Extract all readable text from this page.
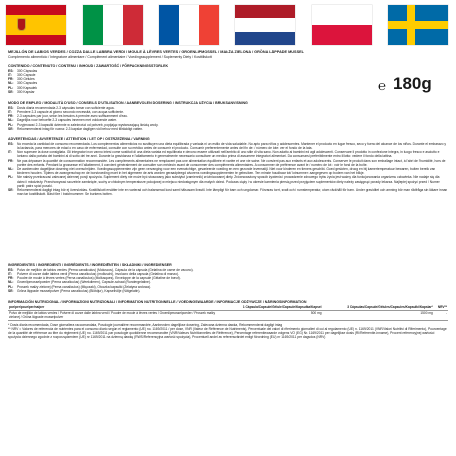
MEJILLÓN DE LABIOS VERDES / COZZA DALLE LABBRA VERDI / MOULE À LÈVRES VERTES / GROENLIPMOSSEL / MAŁŻA ZIELONA / GRÖNA LÄPPADE MUSSEL
Complemento alimenticio / Integratore alimentare / Complément alimentaire / Voedingssupplement / Suplementy Diety / Kosttillskott
℮ 180g
CONTENIDO / CONTENUTO / CONTENU / INHOUD / ZAWARTOŚĆ / FÖRPACKNINGSSTORLEK
ES:	300 Cápsulas
IT:	300 Capsule
FR:	300 Gélules
NL:	300 Capsules
PL:	300 Kapsułek
SE:	300 Kapslar
MODO DE EMPLEO / MODALITÀ D'USO / CONSEILS D'UTILISATION / AANBEVOLEN DOSERING / INSTRUKCJA UŻYCIA / BRUKSANVISNING
ES:	Dosis diaria recomendada 2-3 cápsulas tomar con suficiente agua.
IT:	Prendere 2-3 capsule al giorno secondo necessità, con acqua sufficiente.
FR:	2-3 capsules par jour, selon les besoins à prendre avec suffisamment d'eau.
NL:	Dagelijks voor behoefte 2-3 capsules innemen met voldoende water.
PL:	Przyjmować 2-3 kapsułki dziennie w zależności od potrzeb, popijając wystarczającą ilością wody.
SE:	Rekommenderat intag för vuxna: 2-3 kapslar dagligen vid behov med tillräckligt vatten.
ADVERTENCIAS / AVVERTENZE / ATTENTION / LET OP / OSTRZEŻENIA / VARNING
ES:	No exceda la cantidad de consumo recomendada. Los complementos alimenticios no sustituyen una dieta equilibrada y variada ni un estilo de vida saludable. No apto para niños y adolescentes. Mantener el producto en lugar fresco, seco y fuera del alcance de los niños. Durante el embarazo y la lactancia, para menores de edad o en caso de enfermedad, consulte con su médico antes de consumir el producto. Consumir preferentemente antes del fin de: / número de lote: ver el fondo de la lata.
IT:	Non superare la dose consigliata. Gli integratori non vanno intesi come sostituti di una dieta variata ed equilibrata e devono essere utilizzati nell'ambito di uno stile di vita sano. Non adatto ai bambini ed agli adolescenti. Conservare il prodotto in confezione integra, in luogo fresco e asciutto e lontano dalla portata dei bambini al di sotto dei tre anni. Durante la gravidanza e l'allattamento è generalmente necessario consultare un medico prima di assumere integratori alimentari. Da consumarsi preferibilmente entro il/lotto: vedere il fondo della lattina.
FR:	Ne pas dépasser la quantité de consommation recommandée. Les compléments alimentaires ne remplacent pas une alimentation équilibrée et variée et une vie saine. Ne convient pas aux enfants et aux adolescents. Conserver le produit dans son emballage intact, à l'abri de l'humidité, hors de portée des enfants. Pendant la grossesse et l'allaitement, il convient généralement de consulter son médecin avant de consommer des compléments alimentaires. A consommer de préférence avant le / numéro de lot : voir le fond de la boîte.
NL:	De aanbevolen dagelijkse dosering niet overschrijden. Voedingssupplementen zijn geen vervanging voor een evenwichtige, gevarieerde voeding en een gezonde levensstijl. Niet voor kinderen en tieners geschikt. Goed gesloten, droog en bij kamertemperatuur bewaren, buiten bereik van kinderen houden. Tijdens de zwangerschap en de borstvoeding moet in het algemeen de arts worden geraadpleegd alvorens voedingssupplementen te gebruiken. Ten minste houdbaar tot/ lotnummer: aangegeven op bodem van het blikje.
PL:	Nie należy przekraczać zalecanej dziennej porcji spożycia. Suplement diety nie może być stosowany jako substytut (zamiennik) zróżnicowanej diety. Zrównoważony sposób żywienia i prowadzenie zdrowego trybu życia jest ważny dla funkcjonowania organizmu człowieka. Nie nadaje się dla dzieci i młodzieży. Przechowywać szczelnie zamknięte, suchy w chłodnym temperaturze pokojowej w miejscu niedostępnym dla małych dzieci. Podczas ciąży i w okresie karmienia piersią przed przyjęciem suplementów diety należy zasięgnąć porady lekarza. Najlepiej spożyć przed / Numer partii: patrz spód puszki.
SE:	Rekommenderat dagligt intag bör ej överskridas. Kosttillskott ersätter inte en varierad och balanserad kost samt hälsosam livsstil. Inte lämpligt för barn och ungdomar. Förvaras torrt, svalt och i rumstemperatur, utom räckhåll för barn. Under graviditet och amning bör man rådfråga sin läkare innan man tar kosttillskott. Bäst före / batchnummer: Se burkens botten.
INGREDIENTES / INGREDIENTI / INGRÉDIENTS / INGREDIËNTEN / SKŁADNIKI / INGREDIENSER
ES:	Polvo de mejillón de labios verdes (Perna canaliculus) (Moluscos), Cápsula de la cápsula (Gelatina de carne de vacuno).
IT:	Polvere di cozze dalle labbra verdi (Perna canaliculus) (molluschi), involucro della capsula (Gelatina di manzo).
FR:	Poudre de moule à lèvres vertes (Perna canaliculus) (Mollusques), Enveloppe de la capsule (Gélatine de bœuf).
NL:	Groenlipmosselpoeder (Perna canaliculus) (Weekdieren), Capsule-schaal (Rundergelatine).
PL:	Proszek małży zielonej (Perna canaliculus) (Mięczaki), Otoczka kapsułki (Żelatyna wołowa).
SE:	Gröna läppade musselpulver (Perna canaliculus) (Blötdjur), Kapselhölje (Nötgelatin).
INFORMACIÓN NUTRICIONAL / INFORMAZIONI NUTRIZIONALI / INFORMATION NUTRITIONNELLE / VOEDINGSWAARDE / INFORMACJE ODŻYWCZE / NÄRINGSINFORMATION
por/per/pour/per/na/per	1 Cápsula/Capsule/Gélule/Capsule/Kapsułka/Kapsel	3 Cápsulas/Capsule/Gélules/Capsules/Kapsułki/Kapslar*	NRV**
Polvo de mejillón de labios verdes / Polvere di cozze dalle labbra verdi / Poudre de moule à lèvres vertes / Groenlipmosselpoeder / Proszek małży zielonej / Gröna läppade musselpulver	500 mg	1500 mg	-

* Dosis diaria recomendada, Dose giornaliera raccomandata, Posologie journalière recommandée, Aanbevolen dagelijkse dosering, Zalecana dzienna dawka, Rekommenderat dagligt intag

** NRV = Valores de referencia de nutrientes para el consumo diario según el reglamento (UE) no. 1169/2011 / per dose, VNR (Valeur de Référence de Nutriments), Percentuale dei valori di riferimento giornalieri di cui al regolamento (UE) n. 1169/2011 (VNR/Valori Nutritivi di Riferimento), Pourcentage de la quantité de référence au titre du règlement (UE) no. 1169/2011 par posologie quotidienne recommandée (VNR/Valeurs Nutritionnelles de Référence), Percentage referentiewaarde volgens VO (EG) Nr. 1169/2011 per dagelijkse dosis (RI/Referentie-inname), Procent referencyjnej wartości spożycia dziennego zgodnie z rozporządzeniem (UE) nr 1169/2011 na dzienną dawkę (RWS/Referencyjna wartość spożycia), Procentuell andel av referensvärdet enligt förordning (EU) nr 1169/2011 per dagsdos (NRV)
